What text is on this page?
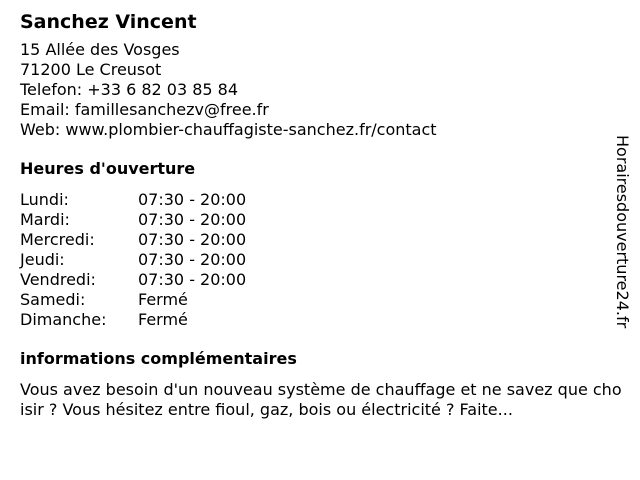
Sanchez Vincent
15 Allée des Vosges
71200 Le Creusot
Telefon: +33 6 82 03 85 84
Email: famillesanchezv@free.fr
Web: www.plombier-chauffagiste-sanchez.fr/contact
Heures d'ouverture
Lundi:	07:30 - 20:00
Mardi:	07:30 - 20:00
Mercredi:	07:30 - 20:00
Jeudi:	07:30 - 20:00
Vendredi:	07:30 - 20:00
Samedi:	Fermé
Dimanche:	Fermé
informations complémentaires
Vous avez besoin d'un nouveau système de chauffage et ne savez que choisir ? Vous hésitez entre fioul, gaz, bois ou électricité ? Faite...
Horairesdouverture24.fr
